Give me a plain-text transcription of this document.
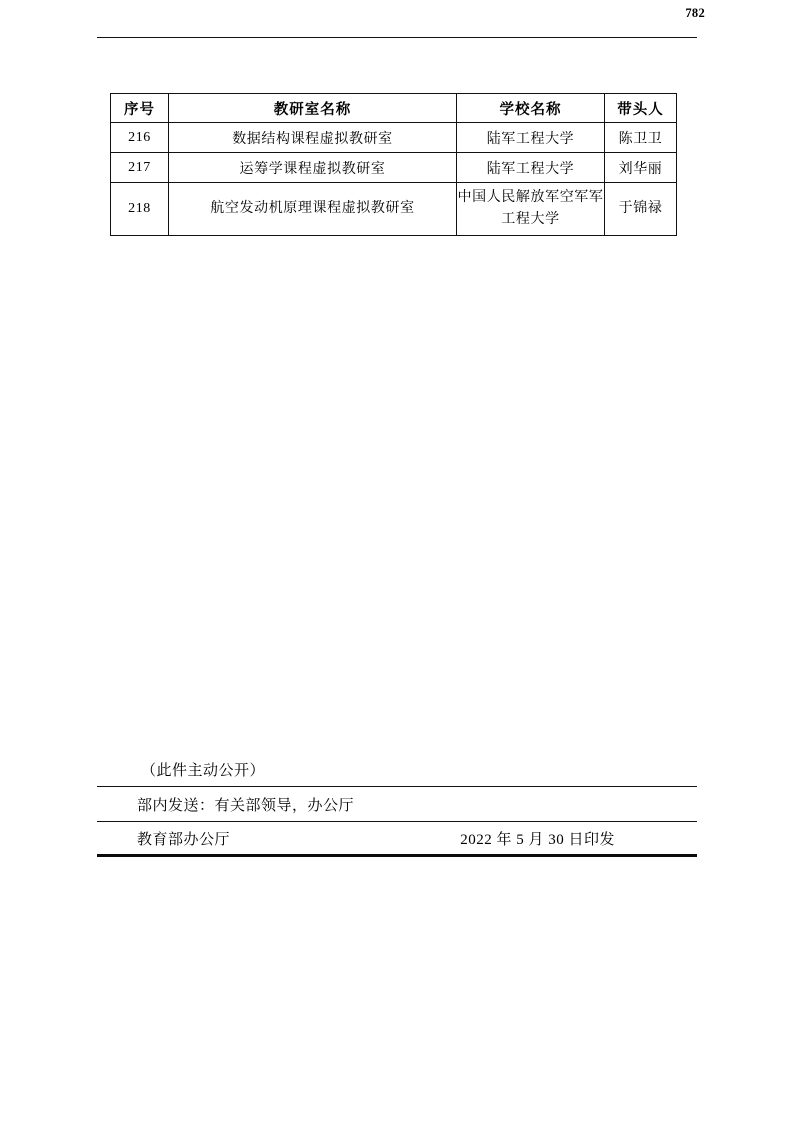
782
序号	教研室名称	学校名称	带头人
216	数据结构课程虚拟教研室	陆军工程大学	陈卫卫
217	运筹学课程虚拟教研室	陆军工程大学	刘华丽
218	航空发动机原理课程虚拟教研室	中国人民解放军空军军工程大学	于锦禄
（此件主动公开）
部内发送：有关部领导，办公厅
教育部办公厅	2022 年 5 月 30 日印发
